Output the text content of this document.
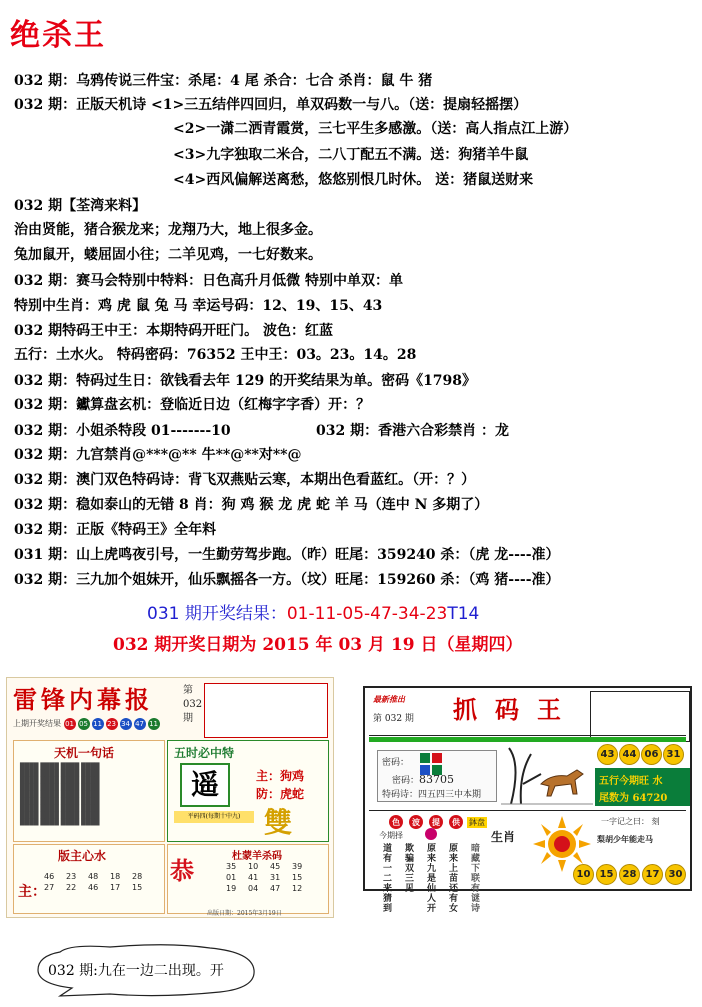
绝杀王
032 期：乌鸦传说三件宝：杀尾：4 尾 杀合：七合 杀肖：鼠 牛 猪
032 期：正版天机诗 <1>三五结伴四回归，单双码数一与八。（送：提扇轻摇摆）
<2>一潇二洒青霞赏，三七平生多感激。（送：高人指点江上游）
<3>九字独取二米合，二八丁配五不满。送：狗猪羊牛鼠
<4>西风偏解送离愁，悠悠别恨几时休。 送：猪鼠送财来
032 期【荃湾来料】
治由贤能，猪合猴龙来；龙翔乃大，地上很多金。
兔加鼠开，蝼屈固小往；二羊见鸡，一七好数来。
032 期：赛马会特别中特料：日色高升月低微 特别中单双：单
特别中生肖：鸡 虎 鼠 兔 马 幸运号码：12、19、15、43
032 期特码王中王：本期特码开旺门。 波色：红蓝
五行：土水火。 特码密码：76352 王中王：03。23。14。28
032 期：特码过生日：欲钱看去年 129 的开奖结果为单。密码《1798》
032 期：钀算盘玄机：登临近日边（红梅字字香）开：？
032 期：小姐杀特段 01-------10	032 期：香港六合彩禁肖 ：龙
032 期：九宫禁肖@***@** 牛**@**对**@
032 期：澳门双色特码诗：背飞双燕贴云寒，本期出色看蓝红。（开：？）
032 期：稳如泰山的无错 8 肖：狗 鸡 猴 龙 虎 蛇 羊 马（连中 N 多期了）
032 期：正版《特码王》全年料
031 期：山上虎鸣夜引号，一生勤劳驾步跑。（昨）旺尾：359240 杀：（虎 龙----准）
032 期：三九加个姐妹开，仙乐飘摇各一方。（坟）旺尾：159260 杀：（鸡 猪----准）
031 期开奖结果：01-11-05-47-34-23T14
032 期开奖日期为 2015 年 03 月 19 日（星期四）
雷锋内幕报	第032期
上期开奖结果 01 05 11 23 34 47 11
天机一句话
████ ████ ████ ████
████ ████ ████ ████
████ ████ ████ ████
████ ████ ████ ████
████ ████ ████ ████
████ ████ ████ ████
████ ████ ████ ████
████ ████ ████ ████
████ ████ ████ ████
五时必中特
遥	主：狗鸡
防：虎蛇
平码四(每期十中九) 雙
版主心水
主：
46 23 48 18 28
27 22 46 17 15
恭	杜蒙羊杀码
35 10 45 39
01 41 31 15
19 04 47 12
出版日期：2015年3月19日
最新推出
第 032 期 抓码王
密码：
密码：83705
特码诗：四五四三中本期
43 44 06 31
五行今期旺 水
尾数为 64720
色	波	提	供	鉢盘
今期择
道有一二来猜到
欺骗双三见
原来九是仙人开
原来上苗还有女
暗藏下联有谜诗
生肖
一字记之曰： 刻
梨胡少年能走马
10 15 28 17 30
032 期:九在一边二出现。开
